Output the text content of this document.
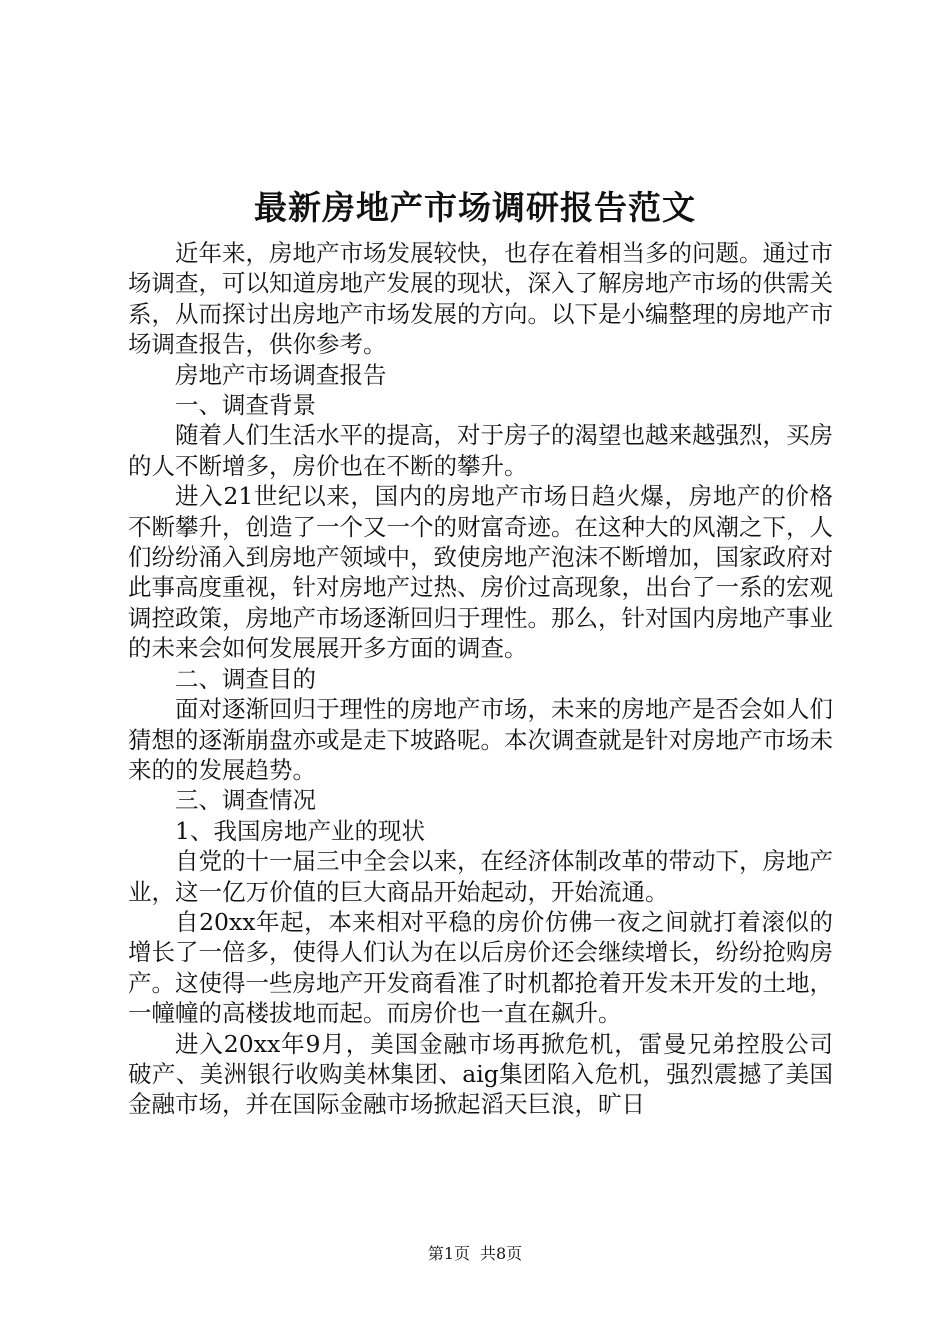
最新房地产市场调研报告范文

近年来，房地产市场发展较快，也存在着相当多的问题。通过市场调查，可以知道房地产发展的现状，深入了解房地产市场的供需关系，从而探讨出房地产市场发展的方向。以下是小编整理的房地产市场调查报告，供你参考。

房地产市场调查报告

一、调查背景

随着人们生活水平的提高，对于房子的渴望也越来越强烈，买房的人不断增多，房价也在不断的攀升。

进入21世纪以来，国内的房地产市场日趋火爆，房地产的价格不断攀升，创造了一个又一个的财富奇迹。在这种大的风潮之下，人们纷纷涌入到房地产领域中，致使房地产泡沫不断增加，国家政府对此事高度重视，针对房地产过热、房价过高现象，出台了一系的宏观调控政策，房地产市场逐渐回归于理性。那么，针对国内房地产事业的未来会如何发展展开多方面的调查。

二、调查目的

面对逐渐回归于理性的房地产市场，未来的房地产是否会如人们猜想的逐渐崩盘亦或是走下坡路呢。本次调查就是针对房地产市场未来的的发展趋势。

三、调查情况

1、我国房地产业的现状

自党的十一届三中全会以来，在经济体制改革的带动下，房地产业，这一亿万价值的巨大商品开始起动，开始流通。

自20xx年起，本来相对平稳的房价仿佛一夜之间就打着滚似的增长了一倍多，使得人们认为在以后房价还会继续增长，纷纷抢购房产。这使得一些房地产开发商看准了时机都抢着开发未开发的土地，一幢幢的高楼拔地而起。而房价也一直在飙升。

进入20xx年9月，美国金融市场再掀危机，雷曼兄弟控股公司破产、美洲银行收购美林集团、aig集团陷入危机，强烈震撼了美国金融市场，并在国际金融市场掀起滔天巨浪，旷日

第1页 共8页
